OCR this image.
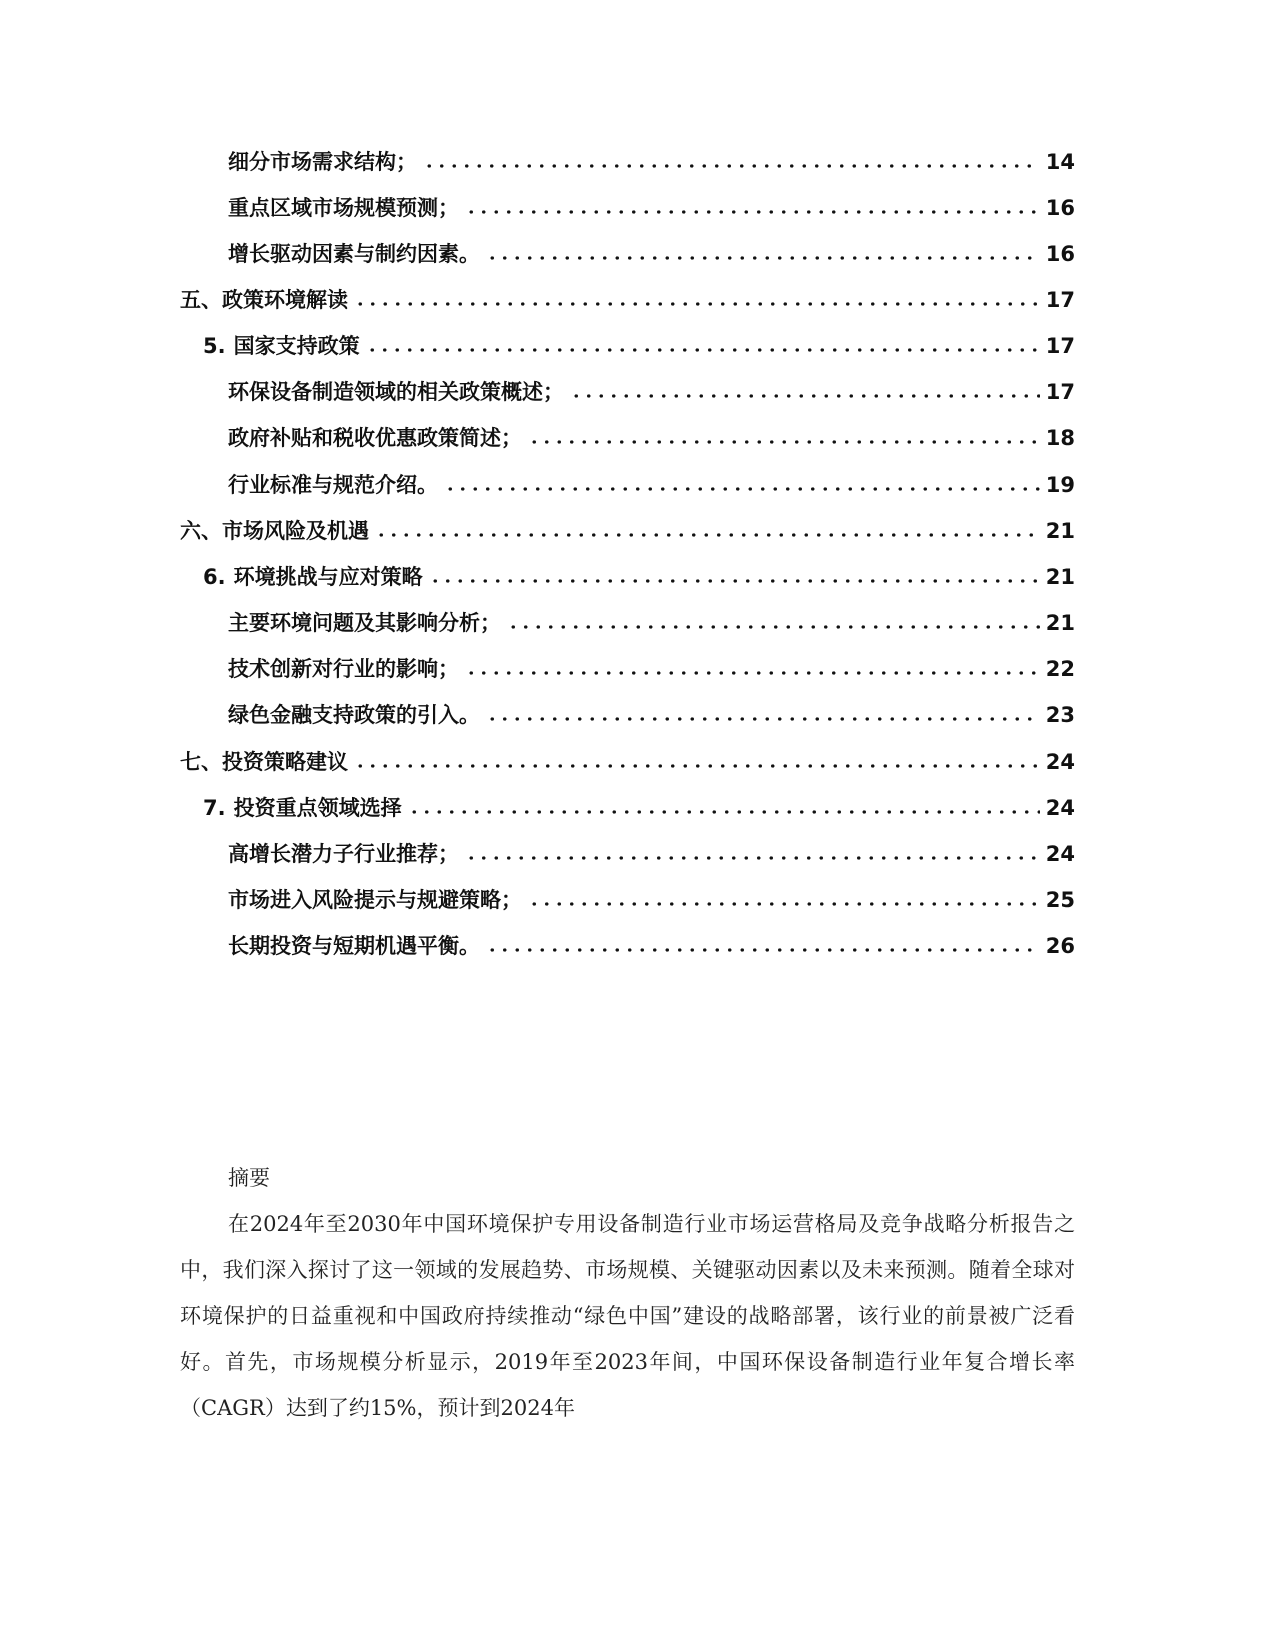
细分市场需求结构；	14
重点区域市场规模预测；	16
增长驱动因素与制约因素。	16
五、政策环境解读	17
5. 国家支持政策	17
环保设备制造领域的相关政策概述；	17
政府补贴和税收优惠政策简述；	18
行业标准与规范介绍。	19
六、市场风险及机遇	21
6. 环境挑战与应对策略	21
主要环境问题及其影响分析；	21
技术创新对行业的影响；	22
绿色金融支持政策的引入。	23
七、投资策略建议	24
7. 投资重点领域选择	24
高增长潜力子行业推荐；	24
市场进入风险提示与规避策略；	25
长期投资与短期机遇平衡。	26
摘要

在2024年至2030年中国环境保护专用设备制造行业市场运营格局及竞争战略分析报告之中，我们深入探讨了这一领域的发展趋势、市场规模、关键驱动因素以及未来预测。随着全球对环境保护的日益重视和中国政府持续推动“绿色中国”建设的战略部署，该行业的前景被广泛看好。首先，市场规模分析显示，2019年至2023年间，中国环保设备制造行业年复合增长率（CAGR）达到了约15%，预计到2024年
